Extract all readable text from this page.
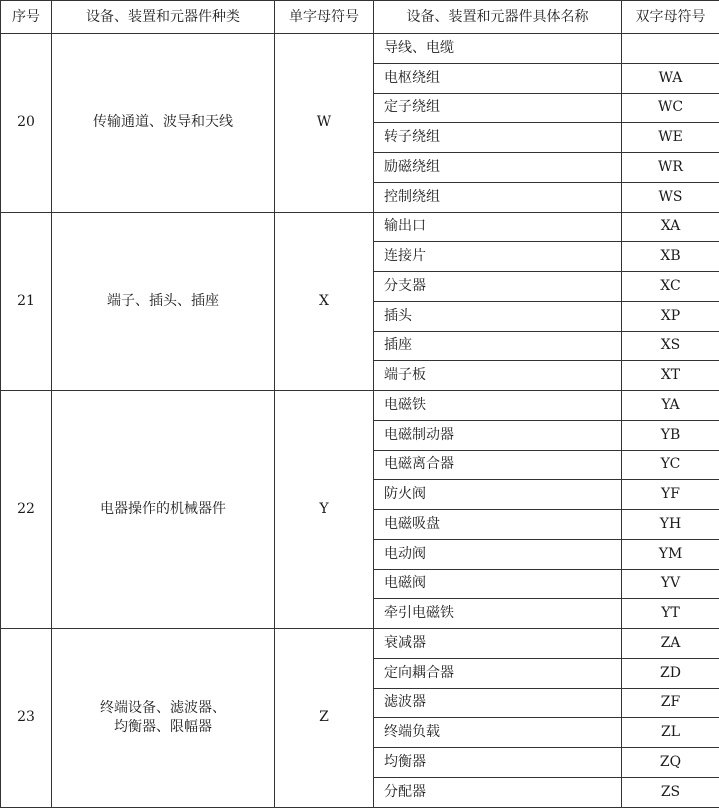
序号	设备、装置和元器件种类	单字母符号	设备、装置和元器件具体名称	双字母符号
20	传输通道、波导和天线	W	导线、电缆	
			电枢绕组	WA
			定子绕组	WC
			转子绕组	WE
			励磁绕组	WR
			控制绕组	WS
21	端子、插头、插座	X	输出口	XA
			连接片	XB
			分支器	XC
			插头	XP
			插座	XS
			端子板	XT
22	电器操作的机械器件	Y	电磁铁	YA
			电磁制动器	YB
			电磁离合器	YC
			防火阀	YF
			电磁吸盘	YH
			电动阀	YM
			电磁阀	YV
			牵引电磁铁	YT
23	终端设备、滤波器、
均衡器、限幅器	Z	衰减器	ZA
			定向耦合器	ZD
			滤波器	ZF
			终端负载	ZL
			均衡器	ZQ
			分配器	ZS
